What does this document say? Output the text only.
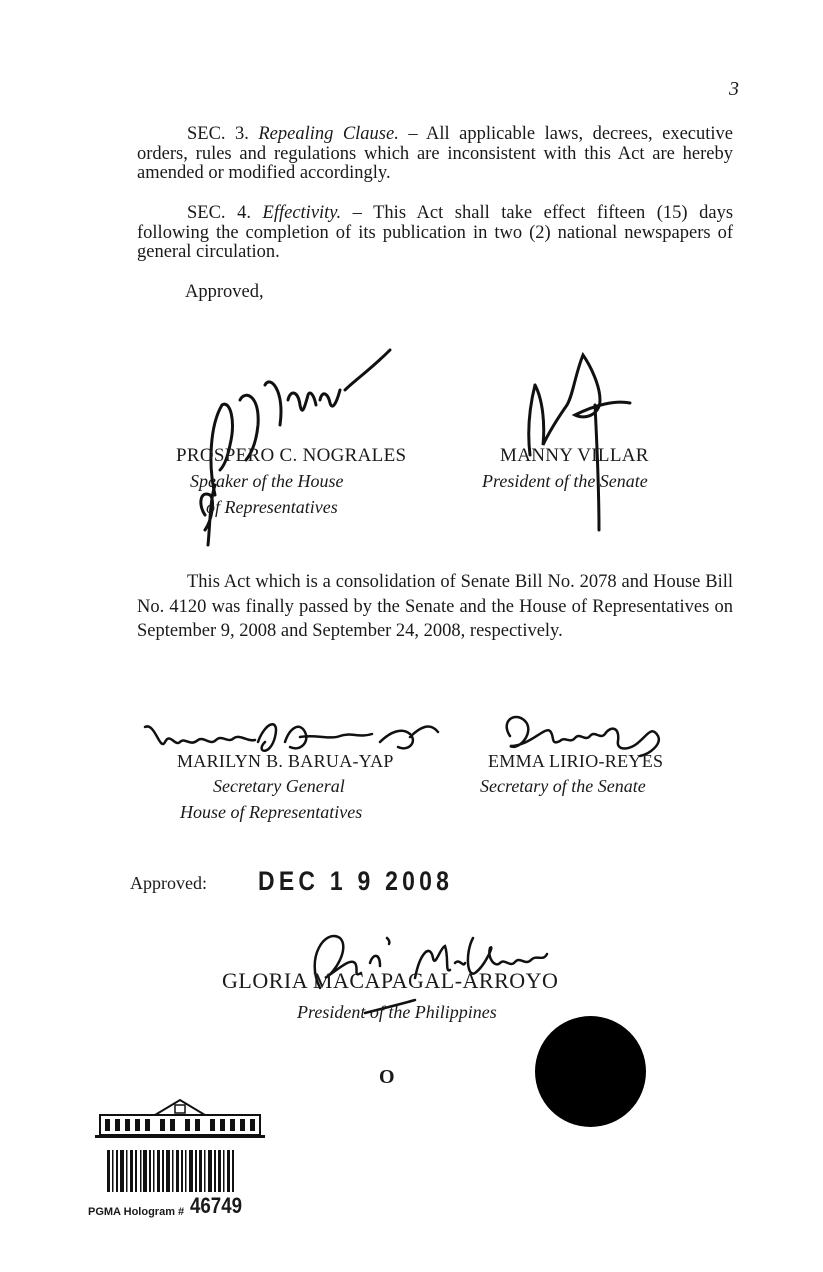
3
SEC. 3. Repealing Clause. – All applicable laws, decrees, executive orders, rules and regulations which are inconsistent with this Act are hereby amended or modified accordingly.
SEC. 4. Effectivity. – This Act shall take effect fifteen (15) days following the completion of its publication in two (2) national newspapers of general circulation.
Approved,
PROSPERO C. NOGRALES
Speaker of the House
of Representatives
MANNY VILLAR
President of the Senate
This Act which is a consolidation of Senate Bill No. 2078 and House Bill No. 4120 was finally passed by the Senate and the House of Representatives on September 9, 2008 and September 24, 2008, respectively.
MARILYN B. BARUA-YAP
Secretary General
House of Representatives
EMMA LIRIO-REYES
Secretary of the Senate
Approved: DEC 1 9 2008
GLORIA MACAPAGAL-ARROYO
President of the Philippines
O
PGMA Hologram # 46749
